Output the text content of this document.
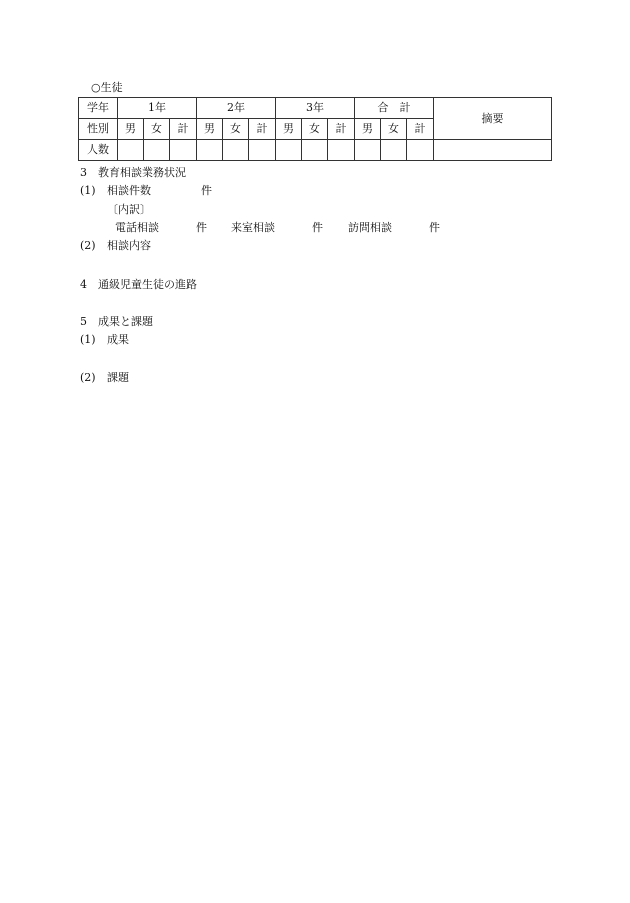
○生徒
学年	1年			2年			3年			合　計			摘要
性別	男	女	計	男	女	計	男	女	計	男	女	計	
人数													
3　教育相談業務状況
(1) 相談件数	件
〔内訳〕
電話相談	件 来室相談	件 訪問相談	件
(2) 相談内容
4　通級児童生徒の進路
5　成果と課題
(1) 成果
(2) 課題
